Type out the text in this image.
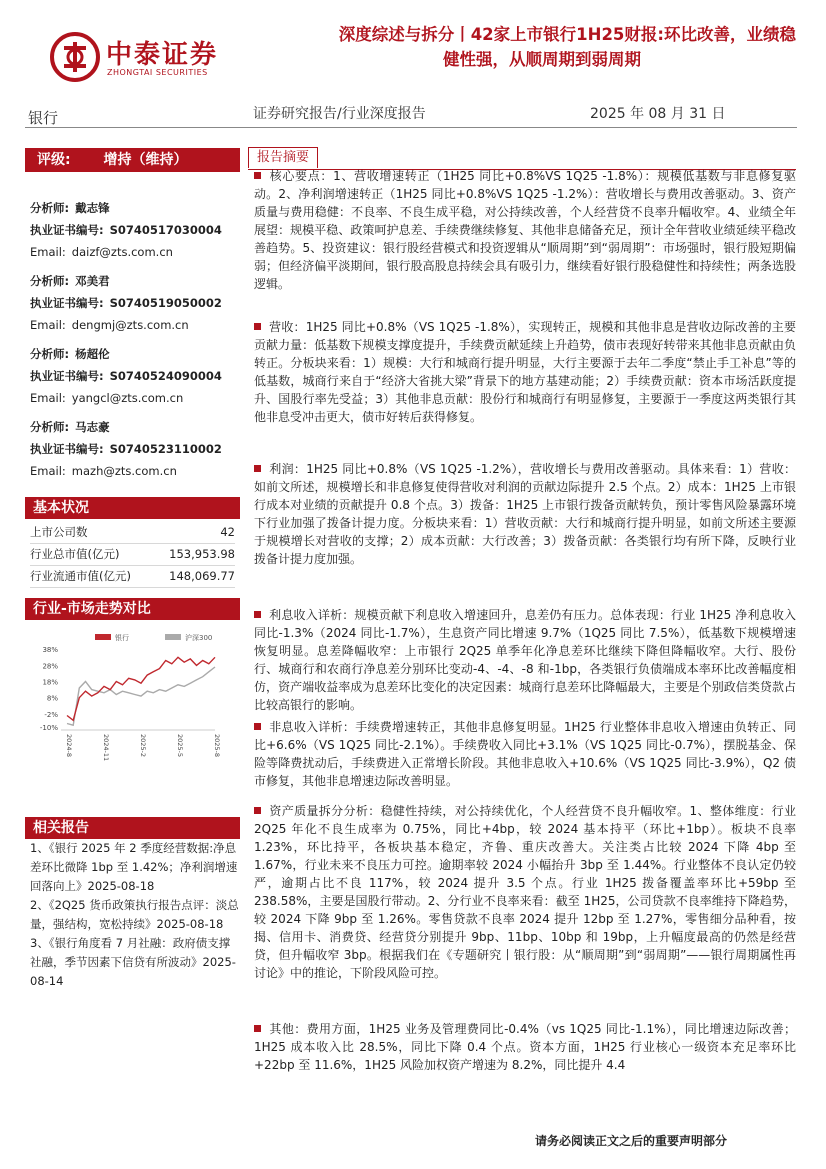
中泰证券
ZHONGTAI SECURITIES
深度综述与拆分丨42家上市银行1H25财报:环比改善，业绩稳
健性强，从顺周期到弱周期
银行	证券研究报告/行业深度报告	2025 年 08 月 31 日
评级: 增持（维持）
分析师: 戴志锋
执业证书编号: S0740517030004
Email: daizf@zts.com.cn
分析师: 邓美君
执业证书编号: S0740519050002
Email: dengmj@zts.com.cn
分析师: 杨超伦
执业证书编号: S0740524090004
Email: yangcl@zts.com.cn
分析师: 马志豪
执业证书编号: S0740523110002
Email: mazh@zts.com.cn
基本状况
上市公司数	42
行业总市值(亿元)	153,953.98
行业流通市值(亿元)	148,069.77
行业-市场走势对比
银行	沪深300
38%
28%
18%
8%
-2%
-10%
2024-8	2024-11	2025-2	2025-5	2025-8
相关报告
1、《银行 2025 年 2 季度经营数据:净息差环比微降 1bp 至 1.42%；净利润增速回落向上》2025-08-18
2、《2Q25 货币政策执行报告点评：淡总量，强结构，宽松持续》2025-08-18
3、《银行角度看 7 月社融：政府债支撑社融，季节因素下信贷有所波动》2025-08-14
报告摘要
核心要点：1、营收增速转正（1H25 同比+0.8%VS 1Q25 -1.8%）：规模低基数与非息修复驱动。2、净利润增速转正（1H25 同比+0.8%VS 1Q25 -1.2%）：营收增长与费用改善驱动。3、资产质量与费用稳健：不良率、不良生成平稳，对公持续改善，个人经营贷不良率升幅收窄。4、业绩全年展望：规模平稳、政策呵护息差、手续费继续修复、其他非息储备充足，预计全年营收业绩延续平稳改善趋势。5、投资建议：银行股经营模式和投资逻辑从“顺周期”到“弱周期”：市场强时，银行股短期偏弱；但经济偏平淡期间，银行股高股息持续会具有吸引力，继续看好银行股稳健性和持续性；两条选股逻辑。
营收：1H25 同比+0.8%（VS 1Q25 -1.8%），实现转正，规模和其他非息是营收边际改善的主要贡献力量：低基数下规模支撑度提升，手续费贡献延续上升趋势，债市表现好转带来其他非息贡献由负转正。分板块来看：1）规模：大行和城商行提升明显，大行主要源于去年二季度“禁止手工补息”等的低基数，城商行来自于“经济大省挑大梁”背景下的地方基建动能；2）手续费贡献：资本市场活跃度提升、国股行率先受益；3）其他非息贡献：股份行和城商行有明显修复，主要源于一季度这两类银行其他非息受冲击更大，债市好转后获得修复。
利润：1H25 同比+0.8%（VS 1Q25 -1.2%），营收增长与费用改善驱动。具体来看：1）营收：如前文所述，规模增长和非息修复使得营收对利润的贡献边际提升 2.5 个点。2）成本：1H25 上市银行成本对业绩的贡献提升 0.8 个点。3）拨备：1H25 上市银行拨备贡献转负，预计零售风险暴露环境下行业加强了拨备计提力度。分板块来看：1）营收贡献：大行和城商行提升明显，如前文所述主要源于规模增长对营收的支撑；2）成本贡献：大行改善；3）拨备贡献：各类银行均有所下降，反映行业拨备计提力度加强。
利息收入详析：规模贡献下利息收入增速回升，息差仍有压力。总体表现：行业 1H25 净利息收入同比-1.3%（2024 同比-1.7%），生息资产同比增速 9.7%（1Q25 同比 7.5%），低基数下规模增速恢复明显。息差降幅收窄：上市银行 2Q25 单季年化净息差环比继续下降但降幅收窄。大行、股份行、城商行和农商行净息差分别环比变动-4、-4、-8 和-1bp，各类银行负债端成本率环比改善幅度相仿，资产端收益率成为息差环比变化的决定因素：城商行息差环比降幅最大，主要是个别政信类贷款占比较高银行的影响。
非息收入详析：手续费增速转正，其他非息修复明显。1H25 行业整体非息收入增速由负转正、同比+6.6%（VS 1Q25 同比-2.1%）。手续费收入同比+3.1%（VS 1Q25 同比-0.7%），摆脱基金、保险等降费扰动后，手续费进入正常增长阶段。其他非息收入+10.6%（VS 1Q25 同比-3.9%），Q2 债市修复，其他非息增速边际改善明显。
资产质量拆分分析：稳健性持续，对公持续优化，个人经营贷不良升幅收窄。1、整体维度：行业 2Q25 年化不良生成率为 0.75%，同比+4bp，较 2024 基本持平（环比+1bp）。板块不良率 1.23%，环比持平，各板块基本稳定，齐鲁、重庆改善大。关注类占比较 2024 下降 4bp 至 1.67%，行业未来不良压力可控。逾期率较 2024 小幅抬升 3bp 至 1.44%。行业整体不良认定仍较严，逾期占比不良 117%，较 2024 提升 3.5 个点。行业 1H25 拨备覆盖率环比+59bp 至 238.58%，主要是国股行带动。2、分行业不良率来看：截至 1H25，公司贷款不良率维持下降趋势，较 2024 下降 9bp 至 1.26%。零售贷款不良率 2024 提升 12bp 至 1.27%，零售细分品种看，按揭、信用卡、消费贷、经营贷分别提升 9bp、11bp、10bp 和 19bp，上升幅度最高的仍然是经营贷，但升幅收窄 3bp。根据我们在《专题研究丨银行股：从“顺周期”到“弱周期”——银行周期属性再讨论》中的推论，下阶段风险可控。
其他：费用方面，1H25 业务及管理费同比-0.4%（vs 1Q25 同比-1.1%），同比增速边际改善；1H25 成本收入比 28.5%，同比下降 0.4 个点。资本方面，1H25 行业核心一级资本充足率环比+22bp 至 11.6%，1H25 风险加权资产增速为 8.2%，同比提升 4.4
请务必阅读正文之后的重要声明部分
